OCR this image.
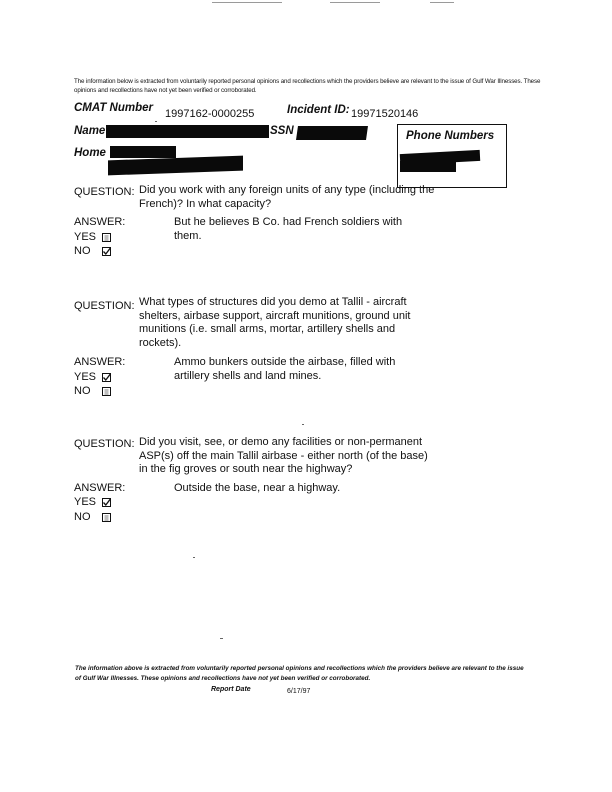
The information below is extracted from voluntarily reported personal opinions and recollections which the providers believe are relevant to the issue of Gulf War Illnesses. These opinions and recollections have not yet been verified or corroborated.
CMAT Number 1997162-0000255	Incident ID: 19971520146
Name	SSN
Home
Phone Numbers
QUESTION: Did you work with any foreign units of any type (including the French)? In what capacity?
ANSWER:	But he believes B Co. had French soldiers with them.
YES
NO
QUESTION: What types of structures did you demo at Tallil - aircraft shelters, airbase support, aircraft munitions, ground unit munitions (i.e. small arms, mortar, artillery shells and rockets).
ANSWER:	Ammo bunkers outside the airbase, filled with artillery shells and land mines.
YES
NO
QUESTION: Did you visit, see, or demo any facilities or non-permanent ASP(s) off the main Tallil airbase - either north (of the base) in the fig groves or south near the highway?
ANSWER:	Outside the base, near a highway.
YES
NO
The information above is extracted from voluntarily reported personal opinions and recollections which the providers believe are relevant to the issue of Gulf War Illnesses. These opinions and recollections have not yet been verified or corroborated.
Report Date	6/17/97
